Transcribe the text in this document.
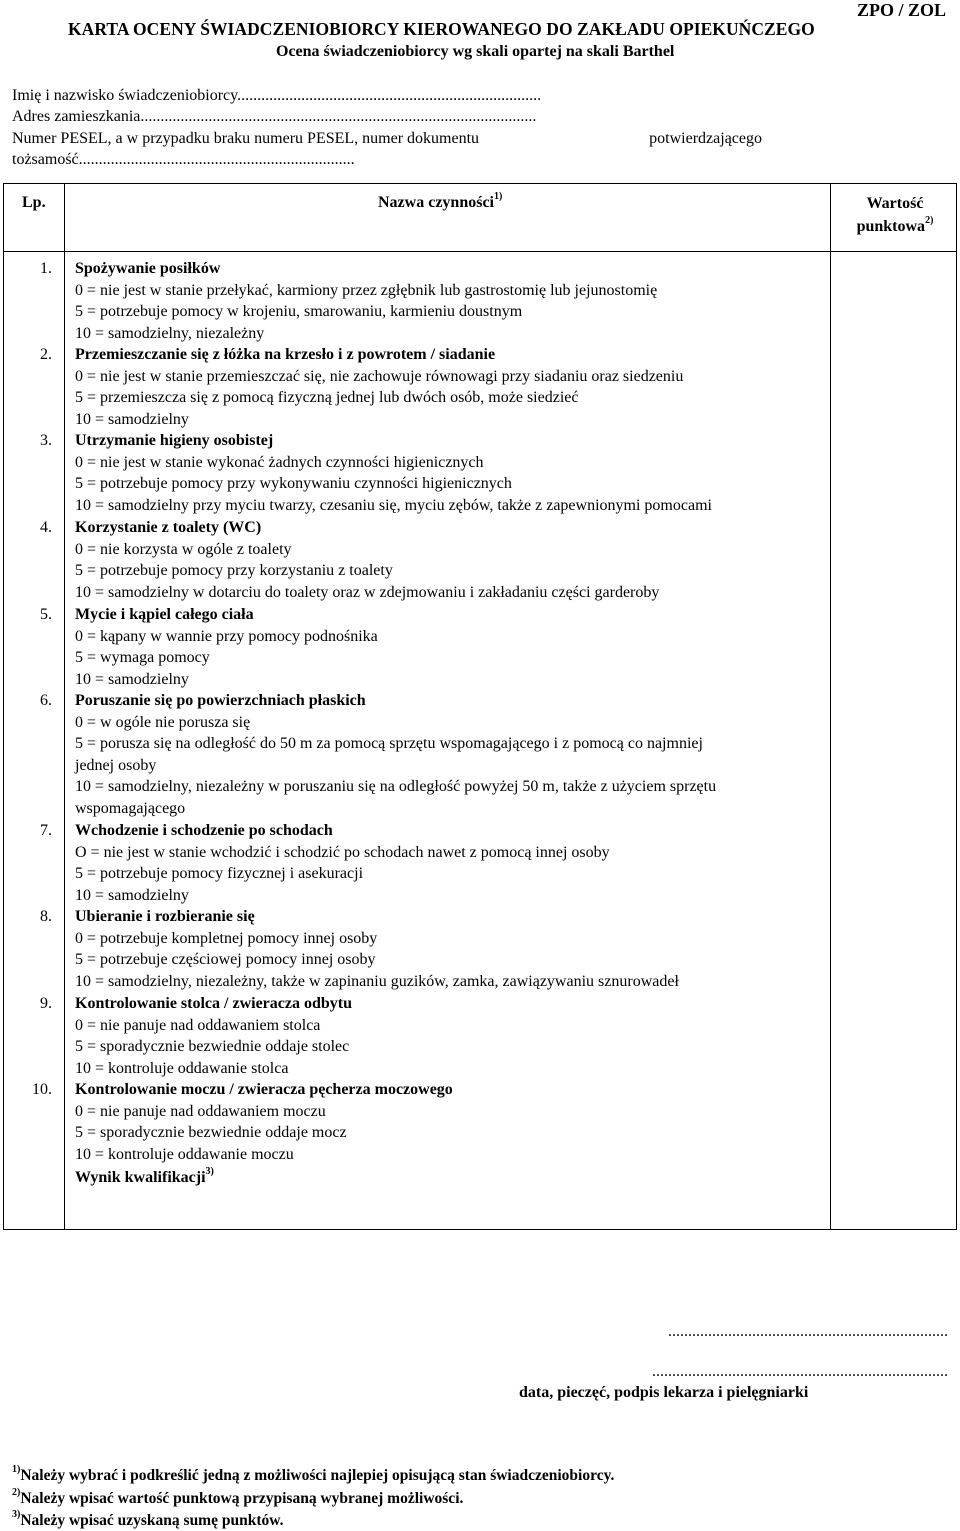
ZPO / ZOL
KARTA OCENY ŚWIADCZENIOBIORCY KIEROWANEGO DO ZAKŁADU OPIEKUŃCZEGO
Ocena świadczeniobiorcy wg skali opartej na skali Barthel
Imię i nazwisko świadczeniobiorcy............................................................................
Adres zamieszkania...................................................................................................
Numer PESEL, a w przypadku braku numeru PESEL, numer dokumentu	potwierdzającego
tożsamość.....................................................................
Lp.	Nazwa czynności$^{1)}$	Wartość
punktowa$^{2)}$
1. Spożywanie posiłków
0 = nie jest w stanie przełykać, karmiony przez zgłębnik lub gastrostomię lub jejunostomię
5 = potrzebuje pomocy w krojeniu, smarowaniu, karmieniu doustnym
10 = samodzielny, niezależny
2. Przemieszczanie się z łóżka na krzesło i z powrotem / siadanie
0 = nie jest w stanie przemieszczać się, nie zachowuje równowagi przy siadaniu oraz siedzeniu
5 = przemieszcza się z pomocą fizyczną jednej lub dwóch osób, może siedzieć
10 = samodzielny
3. Utrzymanie higieny osobistej
0 = nie jest w stanie wykonać żadnych czynności higienicznych
5 = potrzebuje pomocy przy wykonywaniu czynności higienicznych
10 = samodzielny przy myciu twarzy, czesaniu się, myciu zębów, także z zapewnionymi pomocami
4. Korzystanie z toalety (WC)
0 = nie korzysta w ogóle z toalety
5 = potrzebuje pomocy przy korzystaniu z toalety
10 = samodzielny w dotarciu do toalety oraz w zdejmowaniu i zakładaniu części garderoby
5. Mycie i kąpiel całego ciała
0 = kąpany w wannie przy pomocy podnośnika
5 = wymaga pomocy
10 = samodzielny
6. Poruszanie się po powierzchniach płaskich
0 = w ogóle nie porusza się
5 = porusza się na odległość do 50 m za pomocą sprzętu wspomagającego i z pomocą co najmniej
jednej osoby
10 = samodzielny, niezależny w poruszaniu się na odległość powyżej 50 m, także z użyciem sprzętu
wspomagającego
7. Wchodzenie i schodzenie po schodach
O = nie jest w stanie wchodzić i schodzić po schodach nawet z pomocą innej osoby
5 = potrzebuje pomocy fizycznej i asekuracji
10 = samodzielny
8. Ubieranie i rozbieranie się
0 = potrzebuje kompletnej pomocy innej osoby
5 = potrzebuje częściowej pomocy innej osoby
10 = samodzielny, niezależny, także w zapinaniu guzików, zamka, zawiązywaniu sznurowadeł
9. Kontrolowanie stolca / zwieracza odbytu
0 = nie panuje nad oddawaniem stolca
5 = sporadycznie bezwiednie oddaje stolec
10 = kontroluje oddawanie stolca
10. Kontrolowanie moczu / zwieracza pęcherza moczowego
0 = nie panuje nad oddawaniem moczu
5 = sporadycznie bezwiednie oddaje mocz
10 = kontroluje oddawanie moczu
Wynik kwalifikacji$^{3)}$
......................................................................
..........................................................................
data, pieczęć, podpis lekarza i pielęgniarki
$^{1)}$Należy wybrać i podkreślić jedną z możliwości najlepiej opisującą stan świadczeniobiorcy.
$^{2)}$Należy wpisać wartość punktową przypisaną wybranej możliwości.
$^{3)}$Należy wpisać uzyskaną sumę punktów.
